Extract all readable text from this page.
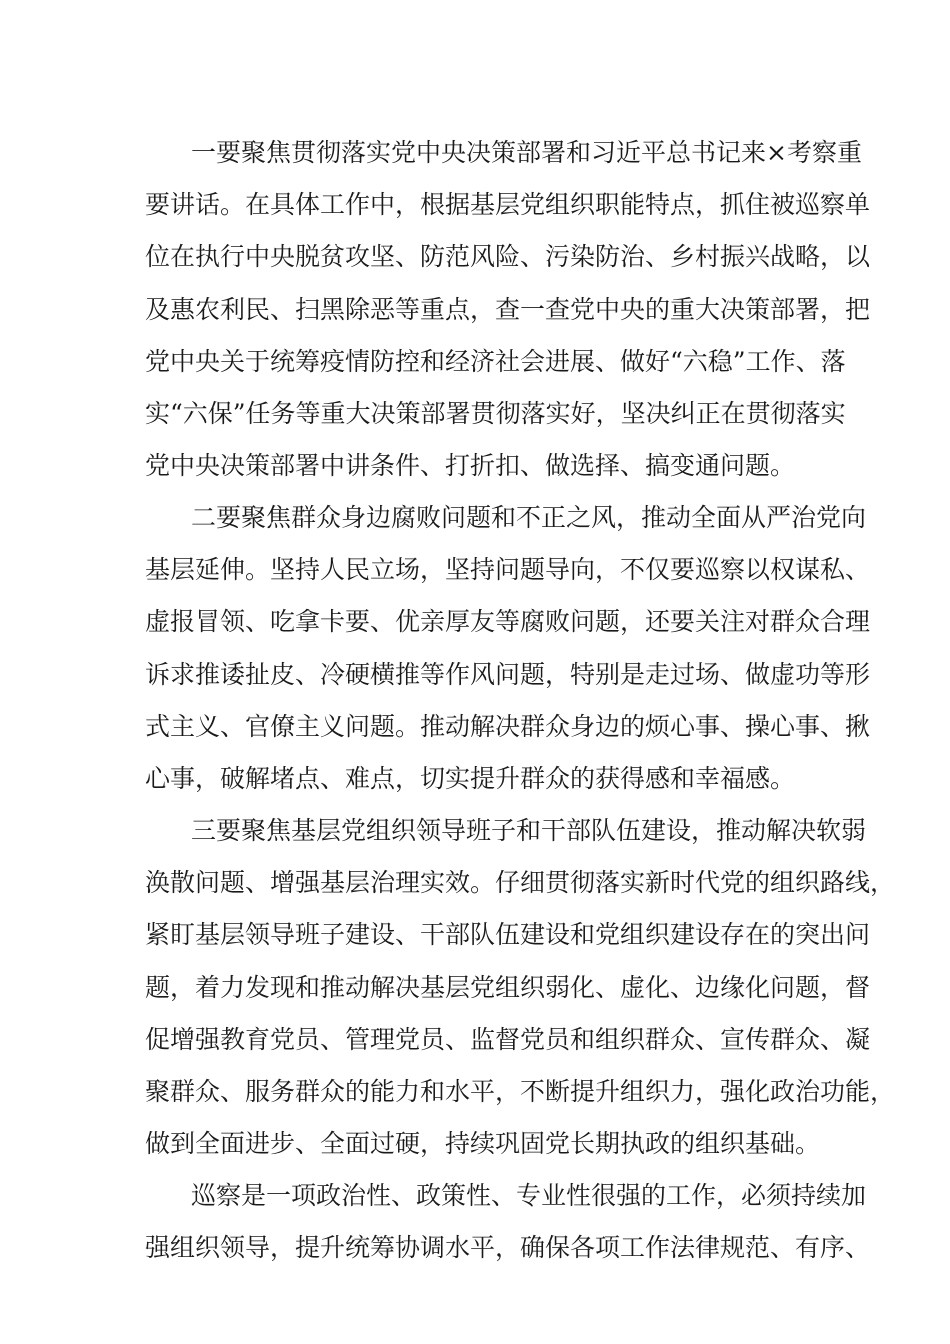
一要聚焦贯彻落实党中央决策部署和习近平总书记来×考察重
要讲话。在具体工作中，根据基层党组织职能特点，抓住被巡察单
位在执行中央脱贫攻坚、防范风险、污染防治、乡村振兴战略，以
及惠农利民、扫黑除恶等重点，查一查党中央的重大决策部署，把
党中央关于统筹疫情防控和经济社会进展、做好“六稳”工作、落
实“六保”任务等重大决策部署贯彻落实好，坚决纠正在贯彻落实
党中央决策部署中讲条件、打折扣、做选择、搞变通问题。
二要聚焦群众身边腐败问题和不正之风，推动全面从严治党向
基层延伸。坚持人民立场，坚持问题导向，不仅要巡察以权谋私、
虚报冒领、吃拿卡要、优亲厚友等腐败问题，还要关注对群众合理
诉求推诿扯皮、冷硬横推等作风问题，特别是走过场、做虚功等形
式主义、官僚主义问题。推动解决群众身边的烦心事、操心事、揪
心事，破解堵点、难点，切实提升群众的获得感和幸福感。
三要聚焦基层党组织领导班子和干部队伍建设，推动解决软弱
涣散问题、增强基层治理实效。仔细贯彻落实新时代党的组织路线，
紧盯基层领导班子建设、干部队伍建设和党组织建设存在的突出问
题，着力发现和推动解决基层党组织弱化、虚化、边缘化问题，督
促增强教育党员、管理党员、监督党员和组织群众、宣传群众、凝
聚群众、服务群众的能力和水平，不断提升组织力，强化政治功能，
做到全面进步、全面过硬，持续巩固党长期执政的组织基础。
巡察是一项政治性、政策性、专业性很强的工作，必须持续加
强组织领导，提升统筹协调水平，确保各项工作法律规范、有序、
